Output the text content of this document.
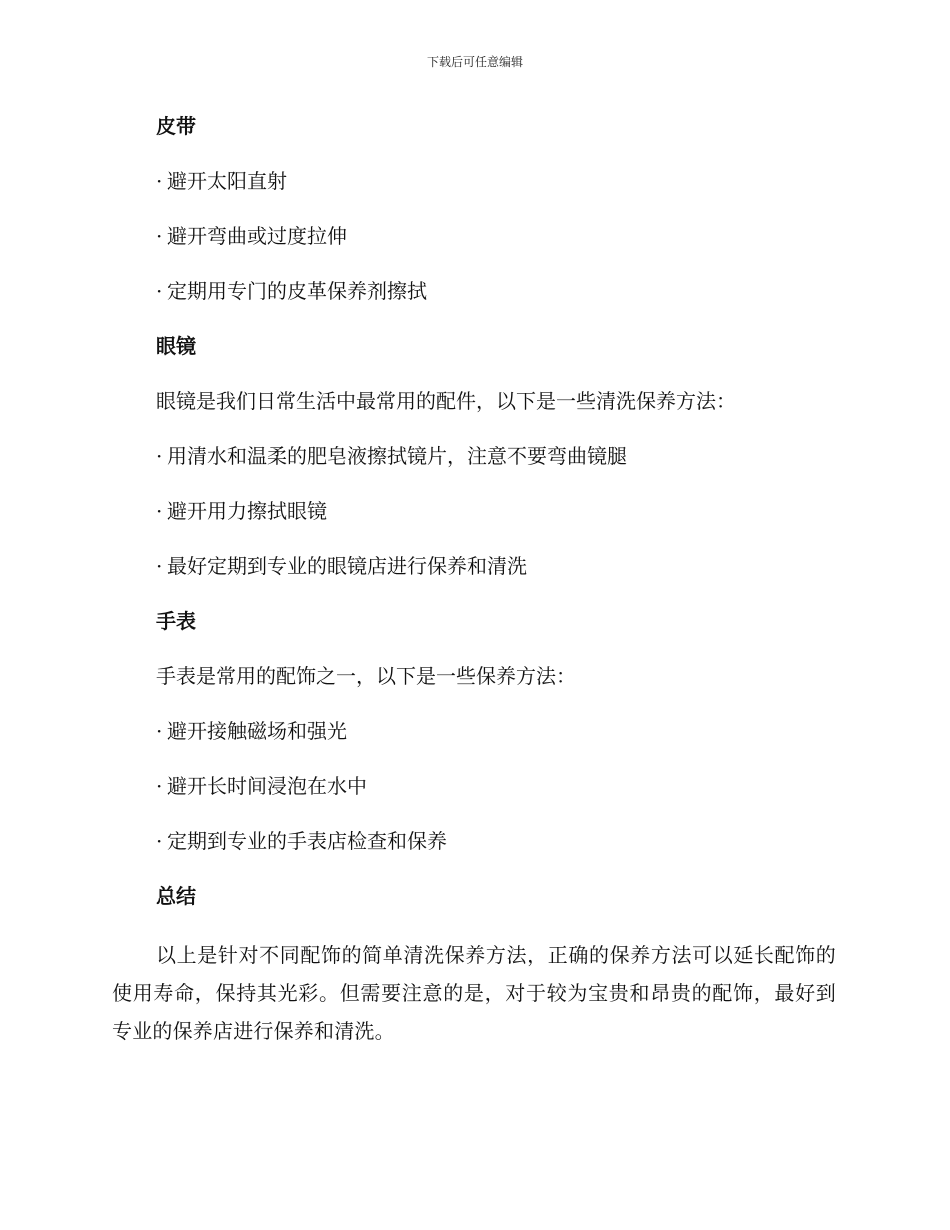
下载后可任意编辑
皮带
· 避开太阳直射
· 避开弯曲或过度拉伸
· 定期用专门的皮革保养剂擦拭
眼镜
眼镜是我们日常生活中最常用的配件，以下是一些清洗保养方法：
· 用清水和温柔的肥皂液擦拭镜片，注意不要弯曲镜腿
· 避开用力擦拭眼镜
· 最好定期到专业的眼镜店进行保养和清洗
手表
手表是常用的配饰之一，以下是一些保养方法：
· 避开接触磁场和强光
· 避开长时间浸泡在水中
· 定期到专业的手表店检查和保养
总结

以上是针对不同配饰的简单清洗保养方法，正确的保养方法可以延长配饰的使用寿命，保持其光彩。但需要注意的是，对于较为宝贵和昂贵的配饰，最好到专业的保养店进行保养和清洗。
